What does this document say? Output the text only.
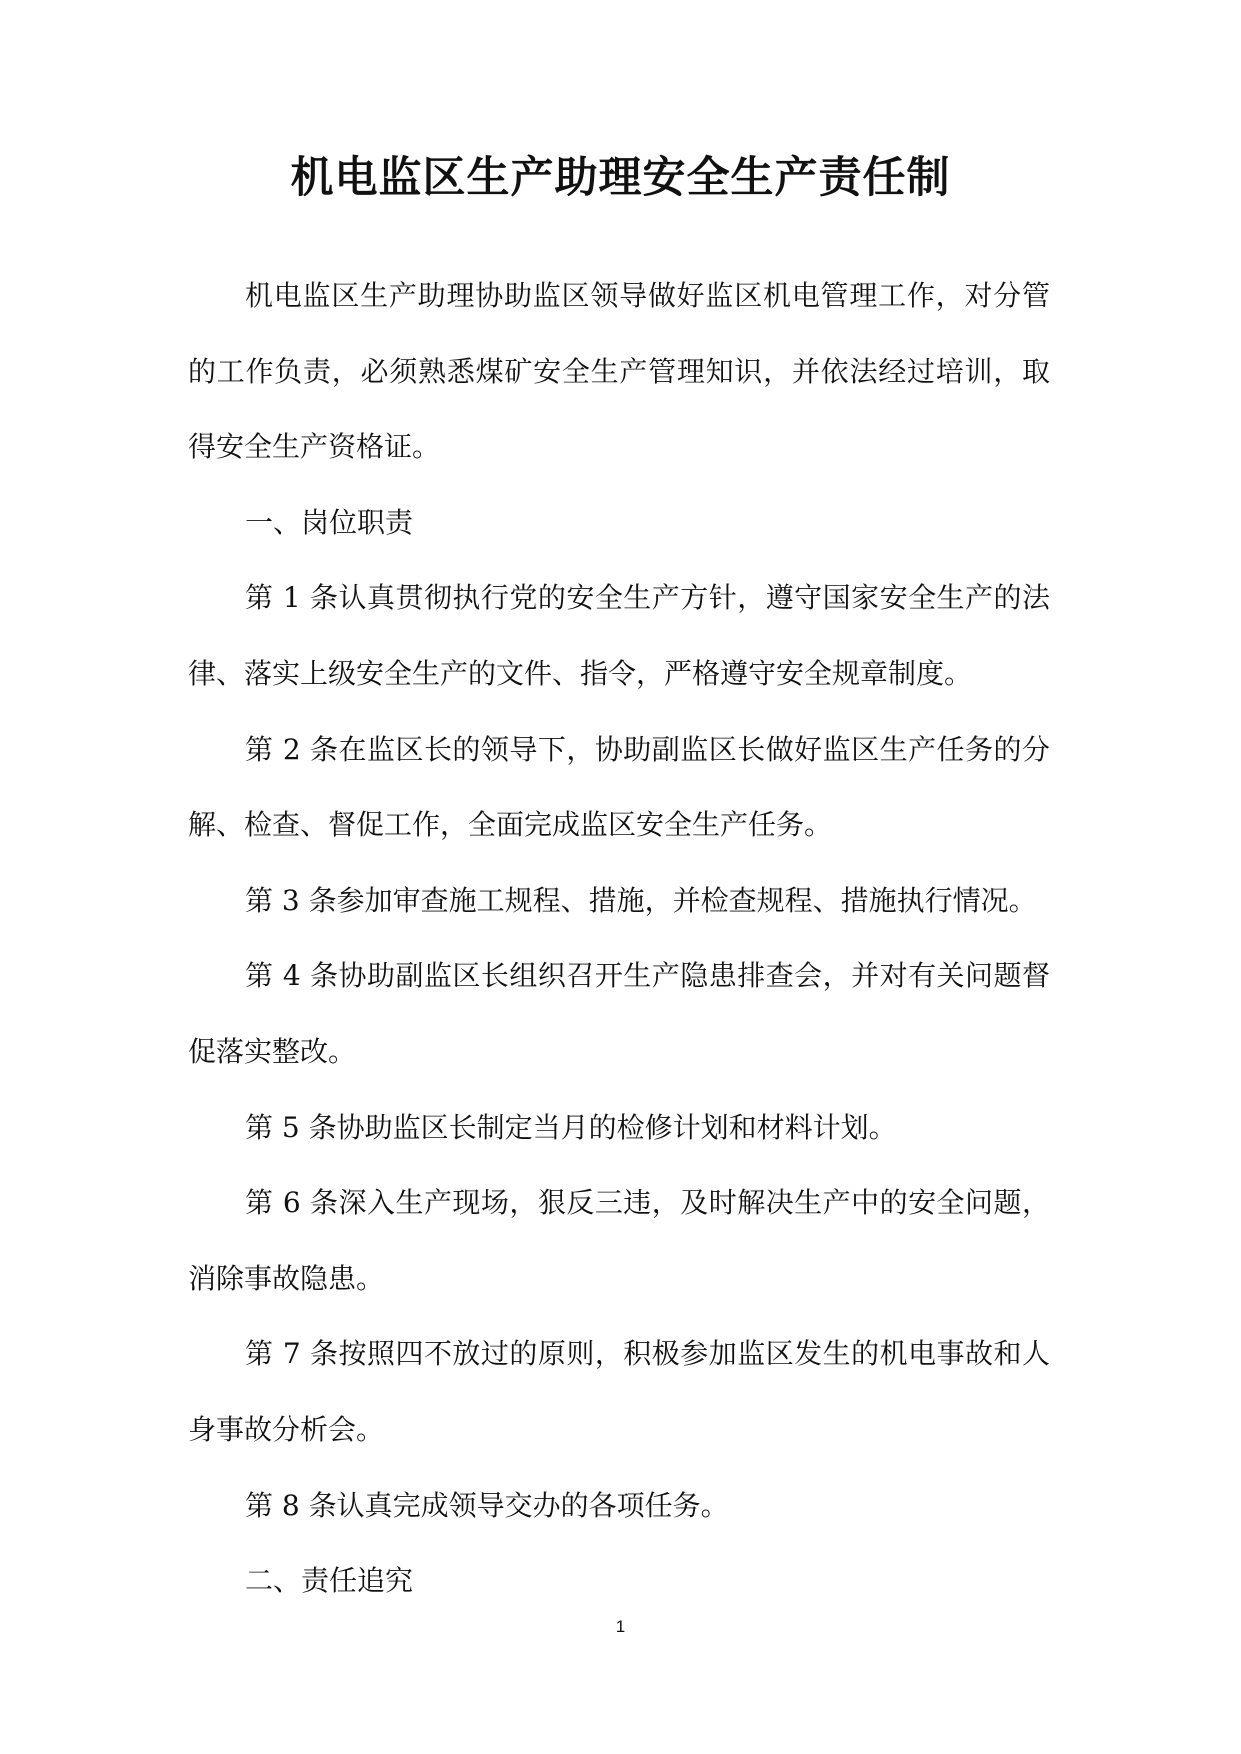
机电监区生产助理安全生产责任制

机电监区生产助理协助监区领导做好监区机电管理工作，对分管的工作负责，必须熟悉煤矿安全生产管理知识，并依法经过培训，取得安全生产资格证。

一、岗位职责

第 1 条认真贯彻执行党的安全生产方针，遵守国家安全生产的法律、落实上级安全生产的文件、指令，严格遵守安全规章制度。

第 2 条在监区长的领导下，协助副监区长做好监区生产任务的分解、检查、督促工作，全面完成监区安全生产任务。

第 3 条参加审查施工规程、措施，并检查规程、措施执行情况。

第 4 条协助副监区长组织召开生产隐患排查会，并对有关问题督促落实整改。

第 5 条协助监区长制定当月的检修计划和材料计划。

第 6 条深入生产现场，狠反三违，及时解决生产中的安全问题，消除事故隐患。

第 7 条按照四不放过的原则，积极参加监区发生的机电事故和人身事故分析会。

第 8 条认真完成领导交办的各项任务。

二、责任追究

1
